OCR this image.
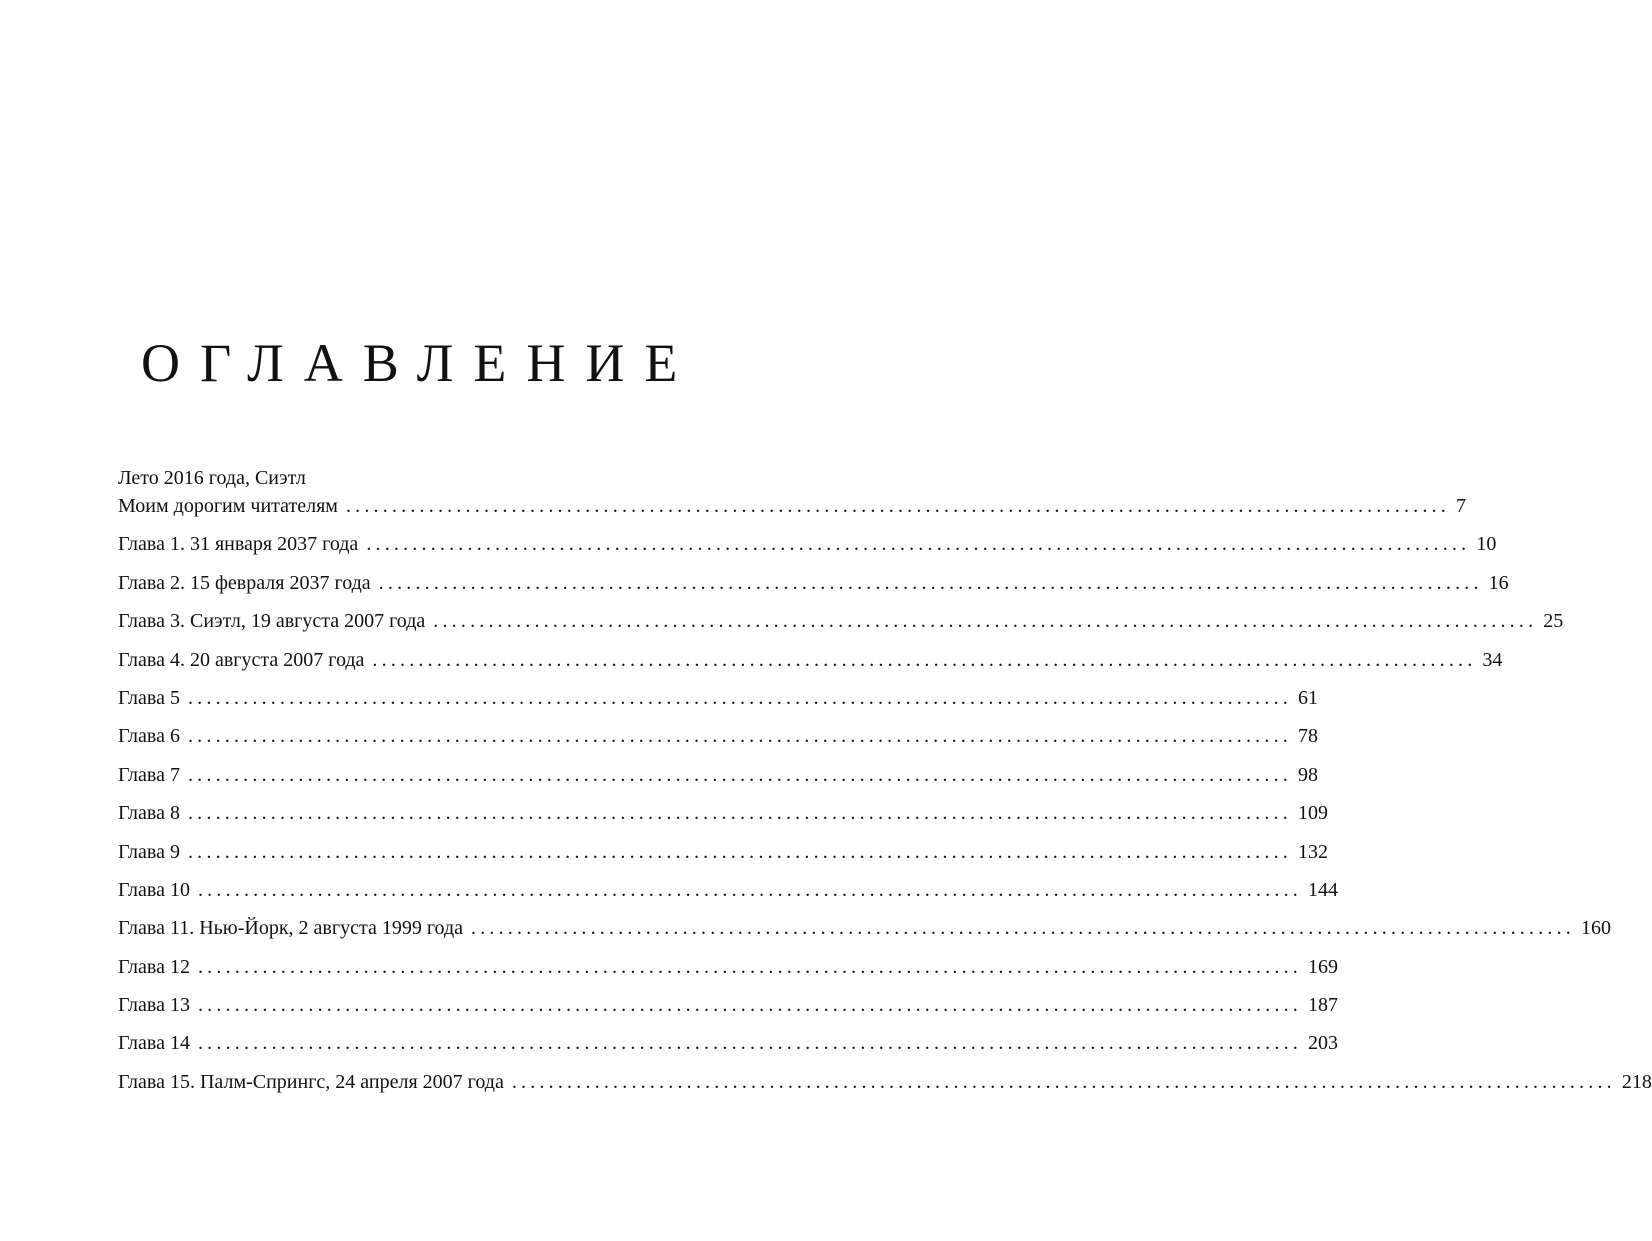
ОГЛАВЛЕНИЕ
Лето 2016 года, Сиэтл
Моим дорогим читателям ........................................................................................................................ 7
Глава 1. 31 января 2037 года ........................................................................................................................ 10
Глава 2. 15 февраля 2037 года ........................................................................................................................ 16
Глава 3. Сиэтл, 19 августа 2007 года ........................................................................................................................ 25
Глава 4. 20 августа 2007 года ........................................................................................................................ 34
Глава 5 ........................................................................................................................ 61
Глава 6 ........................................................................................................................ 78
Глава 7 ........................................................................................................................ 98
Глава 8 ........................................................................................................................ 109
Глава 9 ........................................................................................................................ 132
Глава 10 ........................................................................................................................ 144
Глава 11. Нью-Йорк, 2 августа 1999 года ........................................................................................................................ 160
Глава 12 ........................................................................................................................ 169
Глава 13 ........................................................................................................................ 187
Глава 14 ........................................................................................................................ 203
Глава 15. Палм-Спрингс, 24 апреля 2007 года ........................................................................................................................ 218
